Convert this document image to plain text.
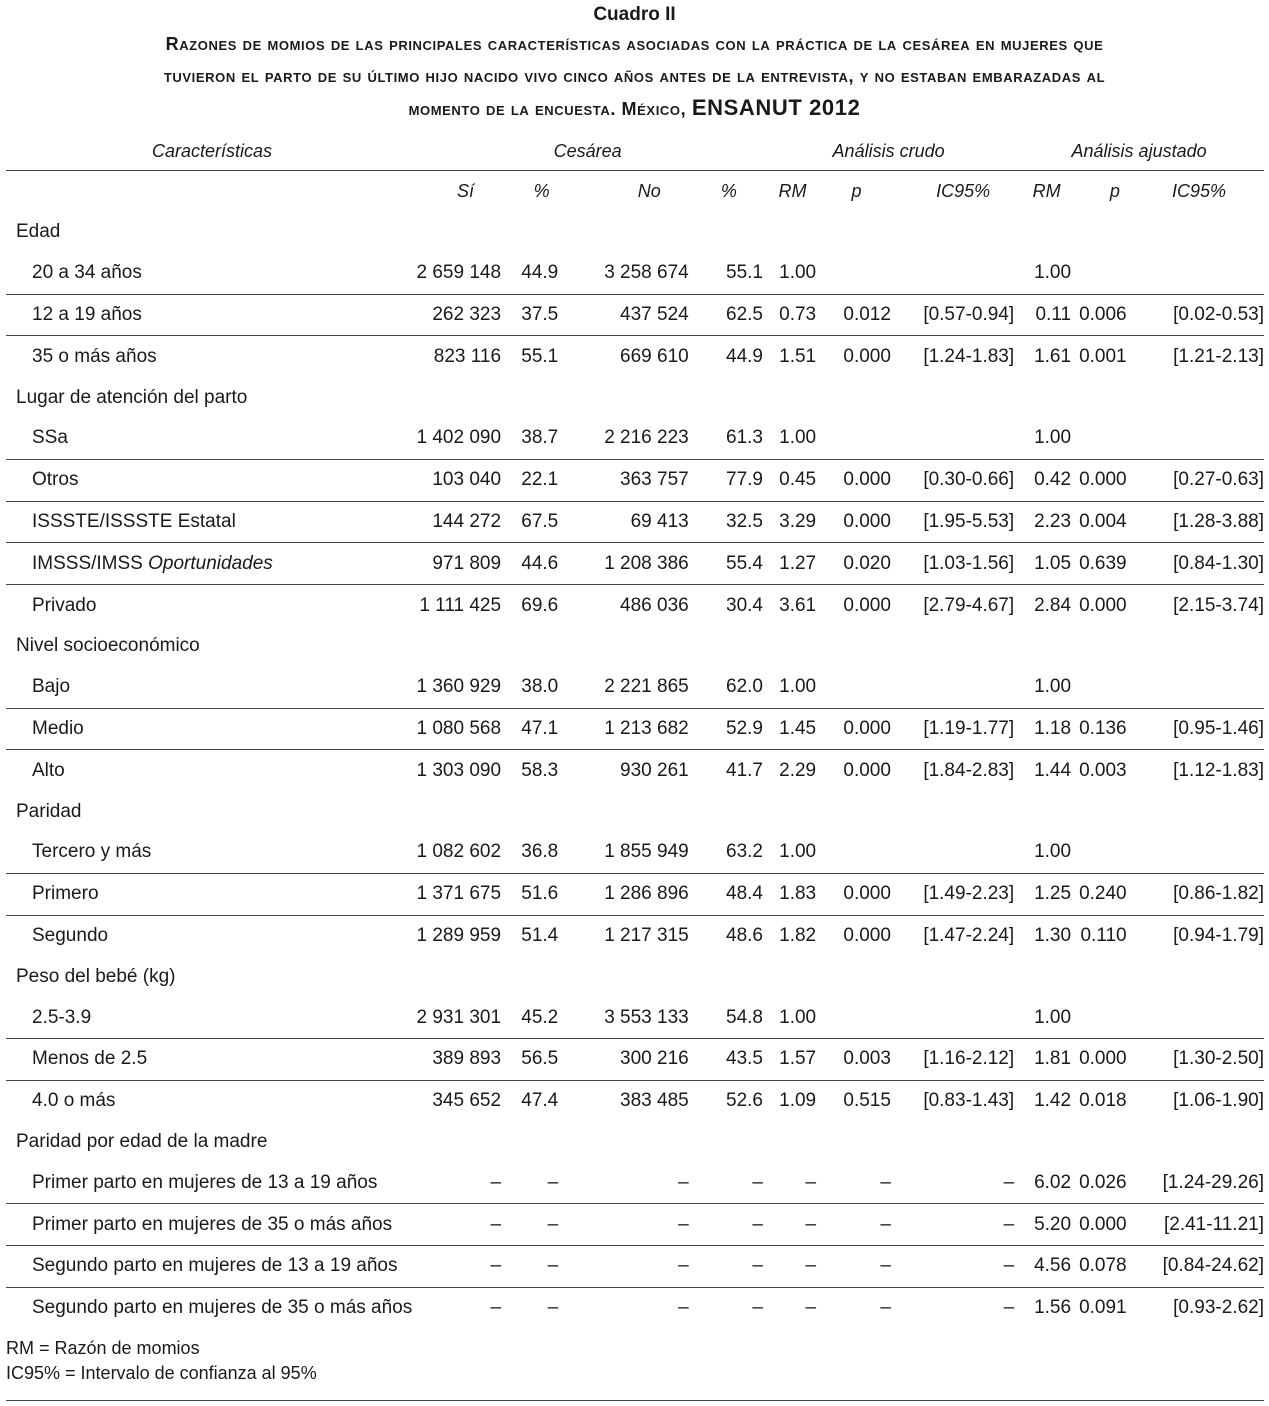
Cuadro II
Razones de momios de las principales características asociadas con la práctica de la cesárea en mujeres que
tuvieron el parto de su último hijo nacido vivo cinco años antes de la entrevista, y no estaban embarazadas al
momento de la encuesta. México, ENSANUT 2012
Características	Cesárea				Análisis crudo			Análisis ajustado		
	Sí	%	No	%	RM	p	IC95%	RM	p	IC95%
Edad										
20 a 34 años	2 659 148	44.9	3 258 674	55.1	1.00			1.00		
12 a 19 años	262 323	37.5	437 524	62.5	0.73	0.012	[0.57-0.94]	0.11	0.006	[0.02-0.53]
35 o más años	823 116	55.1	669 610	44.9	1.51	0.000	[1.24-1.83]	1.61	0.001	[1.21-2.13]
Lugar de atención del parto										
SSa	1 402 090	38.7	2 216 223	61.3	1.00			1.00		
Otros	103 040	22.1	363 757	77.9	0.45	0.000	[0.30-0.66]	0.42	0.000	[0.27-0.63]
ISSSTE/ISSSTE Estatal	144 272	67.5	69 413	32.5	3.29	0.000	[1.95-5.53]	2.23	0.004	[1.28-3.88]
IMSSS/IMSS Oportunidades	971 809	44.6	1 208 386	55.4	1.27	0.020	[1.03-1.56]	1.05	0.639	[0.84-1.30]
Privado	1 111 425	69.6	486 036	30.4	3.61	0.000	[2.79-4.67]	2.84	0.000	[2.15-3.74]
Nivel socioeconómico										
Bajo	1 360 929	38.0	2 221 865	62.0	1.00			1.00		
Medio	1 080 568	47.1	1 213 682	52.9	1.45	0.000	[1.19-1.77]	1.18	0.136	[0.95-1.46]
Alto	1 303 090	58.3	930 261	41.7	2.29	0.000	[1.84-2.83]	1.44	0.003	[1.12-1.83]
Paridad										
Tercero y más	1 082 602	36.8	1 855 949	63.2	1.00			1.00		
Primero	1 371 675	51.6	1 286 896	48.4	1.83	0.000	[1.49-2.23]	1.25	0.240	[0.86-1.82]
Segundo	1 289 959	51.4	1 217 315	48.6	1.82	0.000	[1.47-2.24]	1.30	0.110	[0.94-1.79]
Peso del bebé (kg)										
2.5-3.9	2 931 301	45.2	3 553 133	54.8	1.00			1.00		
Menos de 2.5	389 893	56.5	300 216	43.5	1.57	0.003	[1.16-2.12]	1.81	0.000	[1.30-2.50]
4.0 o más	345 652	47.4	383 485	52.6	1.09	0.515	[0.83-1.43]	1.42	0.018	[1.06-1.90]
Paridad por edad de la madre										
Primer parto en mujeres de 13 a 19 años	–	–	–	–	–	–	–	6.02	0.026	[1.24-29.26]
Primer parto en mujeres de 35 o más años	–	–	–	–	–	–	–	5.20	0.000	[2.41-11.21]
Segundo parto en mujeres de 13 a 19 años	–	–	–	–	–	–	–	4.56	0.078	[0.84-24.62]
Segundo parto en mujeres de 35 o más años	–	–	–	–	–	–	–	1.56	0.091	[0.93-2.62]
RM = Razón de momios
IC95% = Intervalo de confianza al 95%
